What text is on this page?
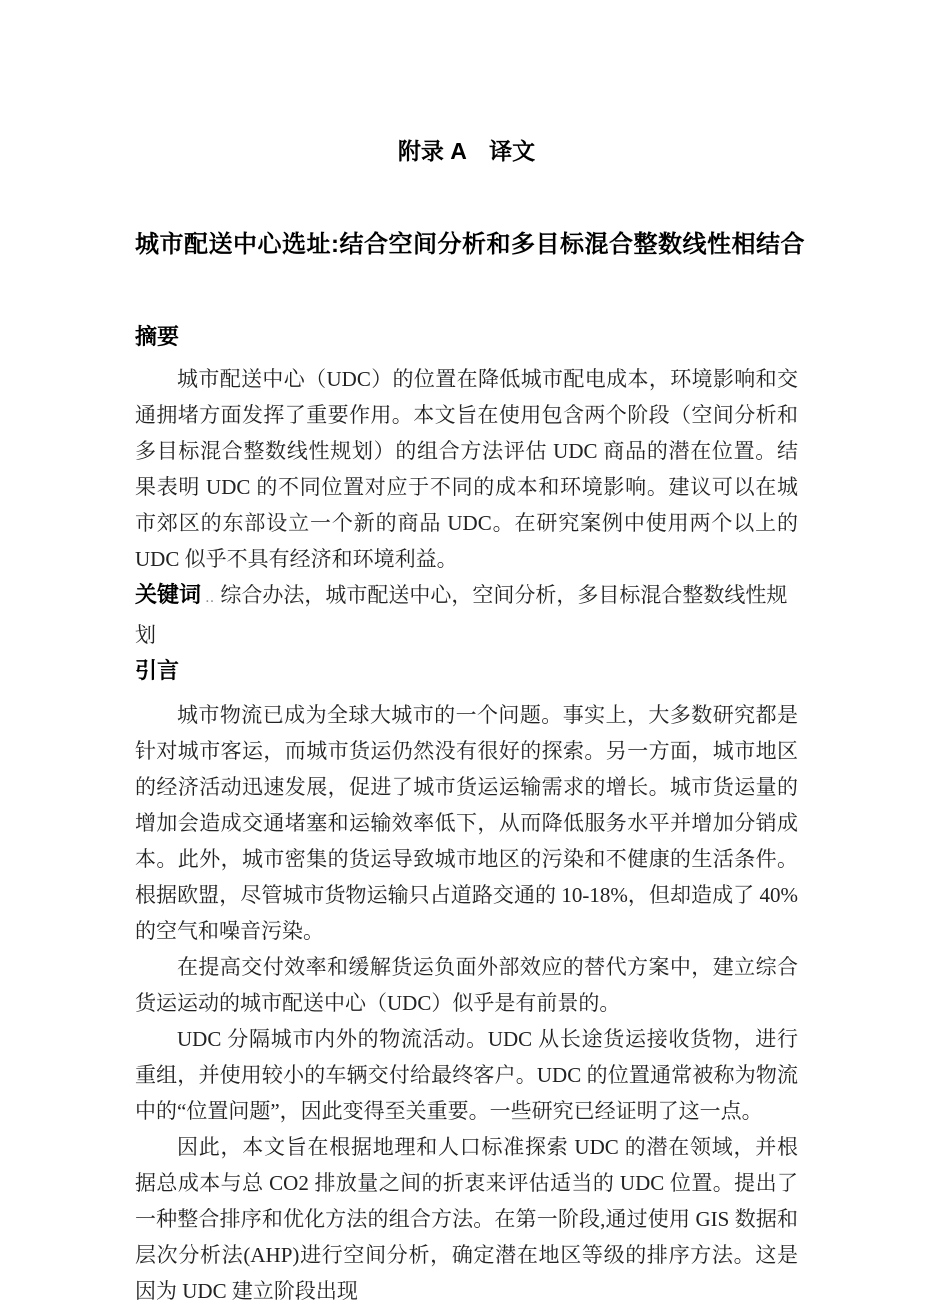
附录 A　译文
城市配送中心选址:结合空间分析和多目标混合整数线性相结合
摘要

城市配送中心（UDC）的位置在降低城市配电成本，环境影响和交通拥堵方面发挥了重要作用。本文旨在使用包含两个阶段（空间分析和多目标混合整数线性规划）的组合方法评估 UDC 商品的潜在位置。结果表明 UDC 的不同位置对应于不同的成本和环境影响。建议可以在城市郊区的东部设立一个新的商品 UDC。在研究案例中使用两个以上的 UDC 似乎不具有经济和环境利益。

关键词 ‥ 综合办法，城市配送中心，空间分析，多目标混合整数线性规划
引言

城市物流已成为全球大城市的一个问题。事实上，大多数研究都是针对城市客运，而城市货运仍然没有很好的探索。另一方面，城市地区的经济活动迅速发展，促进了城市货运运输需求的增长。城市货运量的增加会造成交通堵塞和运输效率低下，从而降低服务水平并增加分销成本。此外，城市密集的货运导致城市地区的污染和不健康的生活条件。根据欧盟，尽管城市货物运输只占道路交通的 10-18%，但却造成了 40%的空气和噪音污染。

在提高交付效率和缓解货运负面外部效应的替代方案中，建立综合货运运动的城市配送中心（UDC）似乎是有前景的。

UDC 分隔城市内外的物流活动。UDC 从长途货运接收货物，进行重组，并使用较小的车辆交付给最终客户。UDC 的位置通常被称为物流中的“位置问题”，因此变得至关重要。一些研究已经证明了这一点。

因此，本文旨在根据地理和人口标准探索 UDC 的潜在领域，并根据总成本与总 CO2 排放量之间的折衷来评估适当的 UDC 位置。提出了一种整合排序和优化方法的组合方法。在第一阶段,通过使用 GIS 数据和层次分析法(AHP)进行空间分析，确定潜在地区等级的排序方法。这是因为 UDC 建立阶段出现
